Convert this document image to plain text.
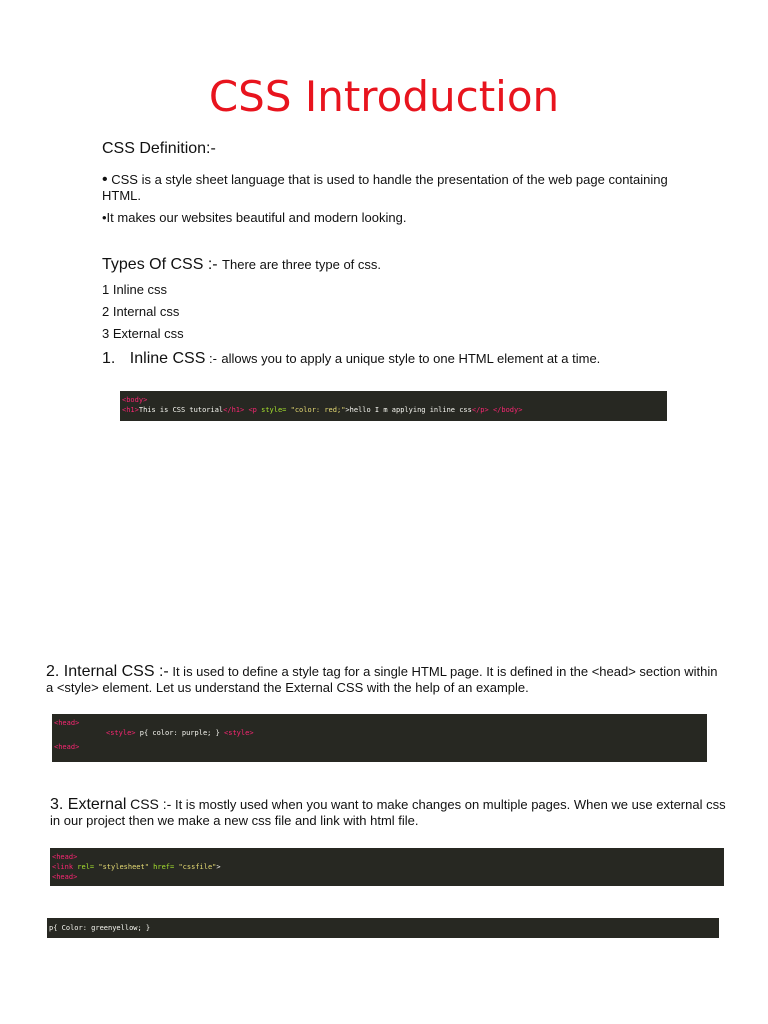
CSS Introduction
CSS Definition:-
• CSS is a style sheet language that is used to handle the presentation of the web page containing HTML.
•It makes our websites beautiful and modern looking.
Types Of CSS :- There are three type of css.
1 Inline css
2 Internal css
3 External css
1. Inline CSS :- allows you to apply a unique style to one HTML element at a time.
<body>
<h1>This is CSS tutorial</h1> <p style= "color: red;">hello I m applying inline css</p> </body>
2. Internal CSS :- It is used to define a style tag for a single HTML page. It is defined in the <head> section within a <style> element. Let us understand the External CSS with the help of an example.
<head>
<style> p{ color: purple; } <style>
<head>
3. External CSS :- It is mostly used when you want to make changes on multiple pages. When we use external css in our project then we make a new css file and link with html file.
<head>
<link rel= "stylesheet" href= "cssfile">
<head>
p{ Color: greenyellow; }
